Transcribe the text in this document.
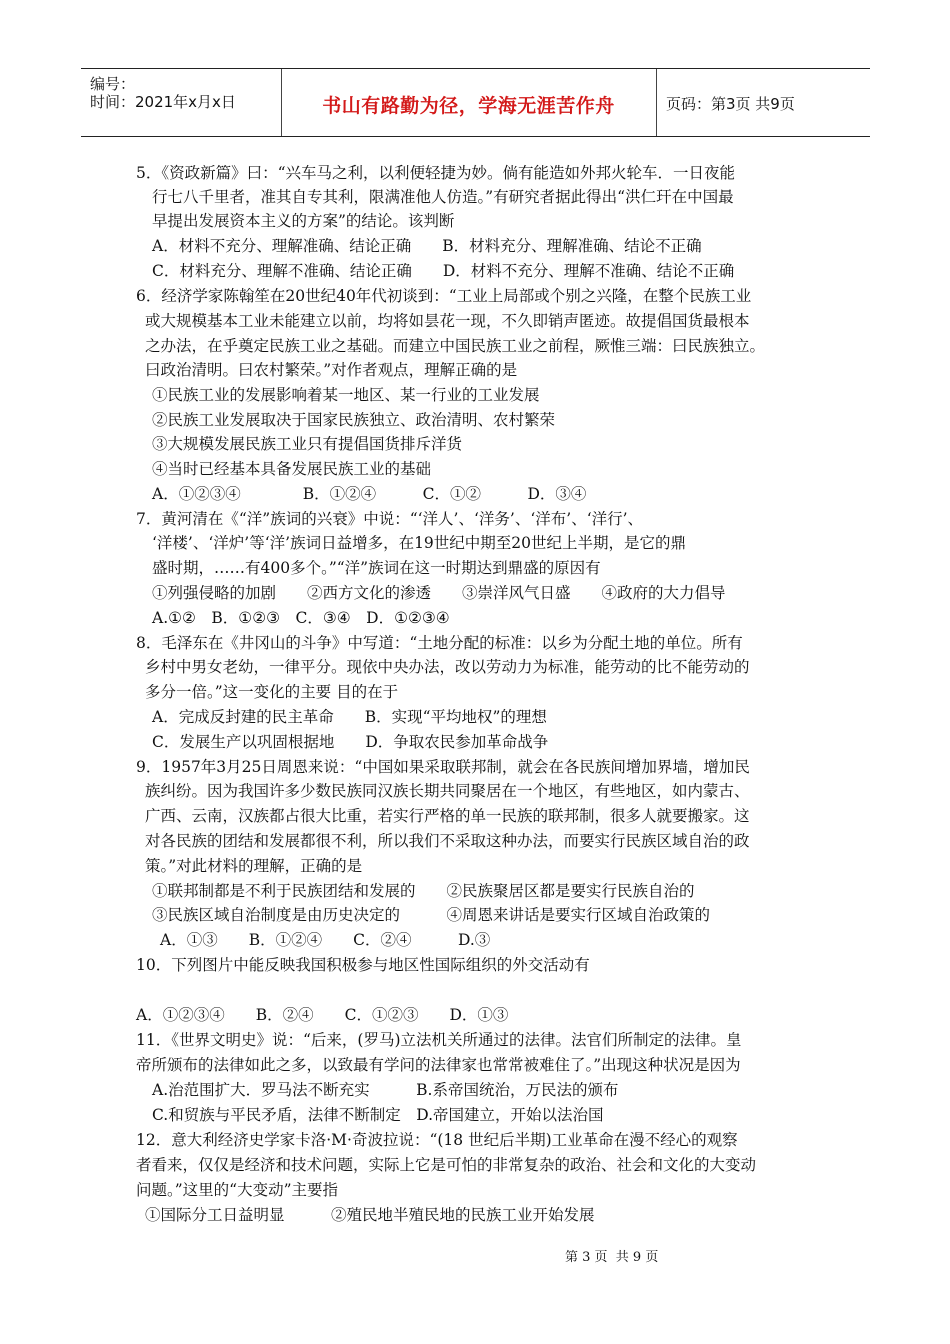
编号：
时间：2021年x月x日	书山有路勤为径，学海无涯苦作舟	页码：第3页 共9页
5．《资政新篇》曰：“兴车马之利，以利便轻捷为妙。倘有能造如外邦火轮车．一日夜能
行七八千里者，准其自专其利，限满准他人仿造。”有研究者据此得出“洪仁玕在中国最
早提出发展资本主义的方案”的结论。该判断
A．材料不充分、理解准确、结论正确　　B．材料充分、理解准确、结论不正确
C．材料充分、理解不准确、结论正确　　D．材料不充分、理解不准确、结论不正确
6．经济学家陈翰笙在20世纪40年代初谈到：“工业上局部或个别之兴隆，在整个民族工业
或大规模基本工业未能建立以前，均将如昙花一现，不久即销声匿迹。故提倡国货最根本
之办法，在乎奠定民族工业之基础。而建立中国民族工业之前程，厥惟三端：曰民族独立。
曰政治清明。曰农村繁荣。”对作者观点，理解正确的是
①民族工业的发展影响着某一地区、某一行业的工业发展
②民族工业发展取决于国家民族独立、政治清明、农村繁荣
③大规模发展民族工业只有提倡国货排斥洋货
④当时已经基本具备发展民族工业的基础
A．①②③④　　　　B．①②④　　　C．①②　　　D．③④
7．黄河清在《“洋”族词的兴衰》中说：“‘洋人’、‘洋务’、‘洋布’、‘洋行’、
‘洋楼’、‘洋炉’等‘洋’族词日益增多，在19世纪中期至20世纪上半期，是它的鼎
盛时期，……有400多个。”“洋”族词在这一时期达到鼎盛的原因有
①列强侵略的加剧　　②西方文化的渗透　　③崇洋风气日盛　　④政府的大力倡导
A.①②　B．①②③　C．③④　D．①②③④
8．毛泽东在《井冈山的斗争》中写道：“土地分配的标准：以乡为分配土地的单位。所有
乡村中男女老幼，一律平分。现依中央办法，改以劳动力为标准，能劳动的比不能劳动的
多分一倍。”这一变化的主要 目的在于
A．完成反封建的民主革命　　B．实现“平均地权”的理想
C．发展生产以巩固根据地　　D．争取农民参加革命战争
9．1957年3月25日周恩来说：“中国如果采取联邦制，就会在各民族间增加界墙，增加民
族纠纷。因为我国许多少数民族同汉族长期共同聚居在一个地区，有些地区，如内蒙古、
广西、云南，汉族都占很大比重，若实行严格的单一民族的联邦制，很多人就要搬家。这
对各民族的团结和发展都很不利，所以我们不采取这种办法，而要实行民族区域自治的政
策。”对此材料的理解，正确的是
①联邦制都是不利于民族团结和发展的　　②民族聚居区都是要实行民族自治的
③民族区域自治制度是由历史决定的　　　④周恩来讲话是要实行区域自治政策的
A．①③　　B．①②④　　C．②④　　　D.③
10．下列图片中能反映我国积极参与地区性国际组织的外交活动有
A．①②③④　　B．②④　　C．①②③　　D．①③
11．《世界文明史》说：“后来，(罗马)立法机关所通过的法律。法官们所制定的法律。皇
帝所颁布的法律如此之多，以致最有学问的法律家也常常被难住了。”出现这种状况是因为
A.治范围扩大．罗马法不断充实　　　B.系帝国统治，万民法的颁布
C.和贸族与平民矛盾，法律不断制定　D.帝国建立，开始以法治国
12．意大利经济史学家卡洛·M·奇波拉说：“(18 世纪后半期)工业革命在漫不经心的观察
者看来，仅仅是经济和技术问题，实际上它是可怕的非常复杂的政治、社会和文化的大变动
问题。”这里的“大变动”主要指
①国际分工日益明显　　　②殖民地半殖民地的民族工业开始发展
第 3 页  共 9 页
